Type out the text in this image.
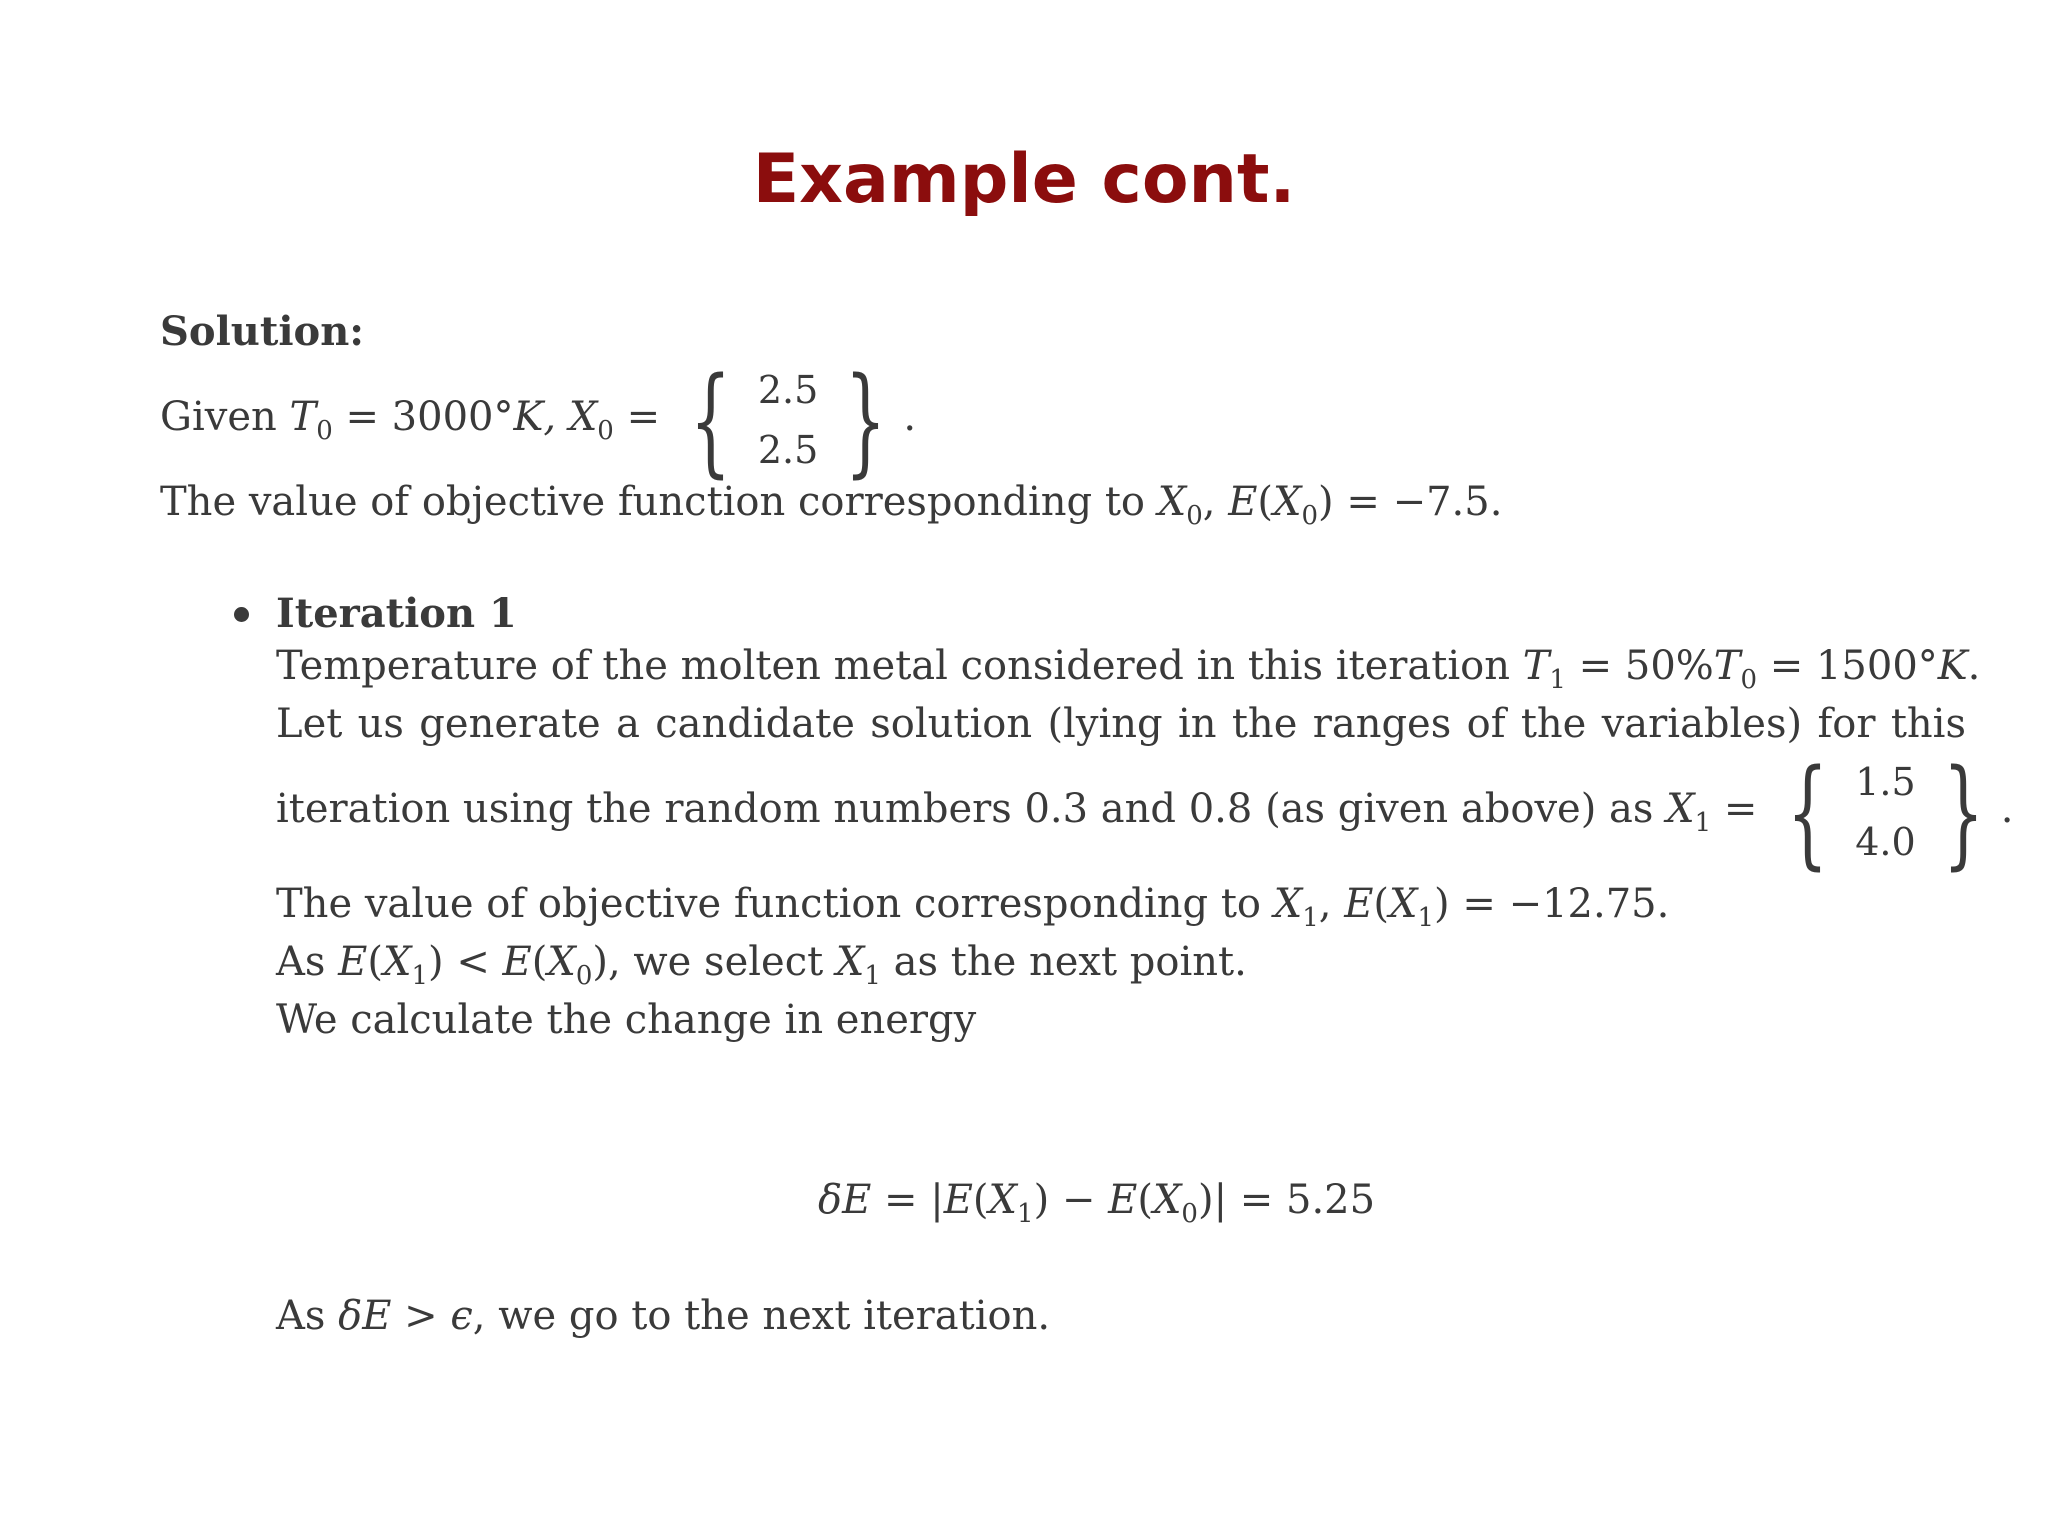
Example cont.
Solution:
Given $T_0 = 3000^\circ K$, $X_0$ = { 2.5
2.5 } .
The value of objective function corresponding to $X_0$, $E(X_0) = -7.5$.
Iteration 1
Temperature of the molten metal considered in this iteration $T_1 = 50\%T_0 = 1500^\circ K$.
Let us generate a candidate solution (lying in the ranges of the variables) for this
iteration using the random numbers 0.3 and 0.8 (as given above) as $X_1$ = { 1.5
4.0 } .
The value of objective function corresponding to $X_1$, $E(X_1) = -12.75$.
As $E(X_1) < E(X_0)$, we select $X_1$ as the next point.
We calculate the change in energy
$\delta E = |E(X_1) - E(X_0)| = 5.25$
As δE > ϵ, we go to the next iteration.
